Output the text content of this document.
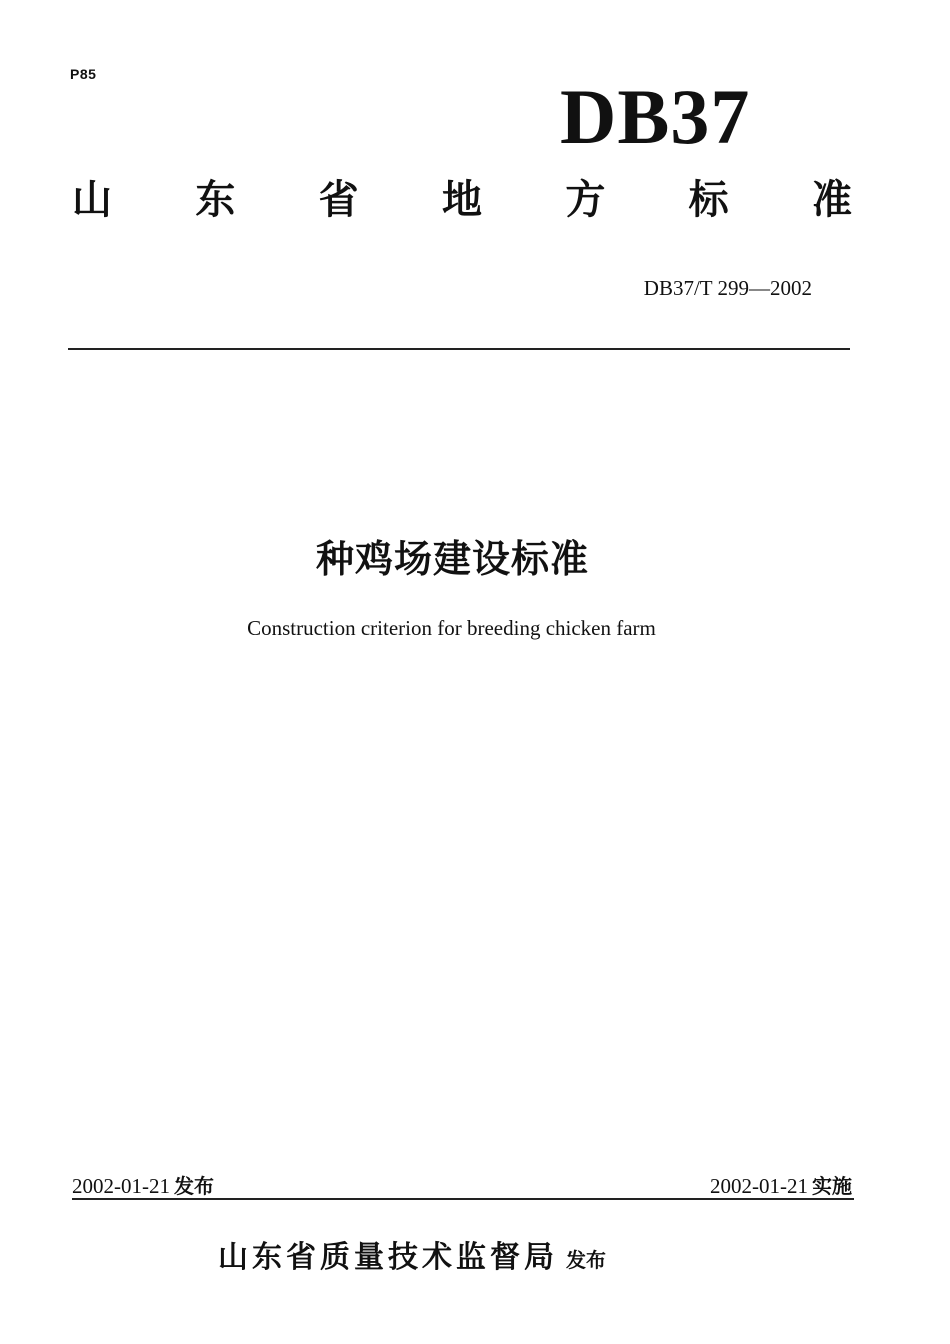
P85	DB37
山 东 省 地 方 标 准
DB37/T 299—2002
种鸡场建设标准
Construction criterion for breeding chicken farm
2002-01-21 发布	2002-01-21 实施
山东省质量技术监督局 发布
